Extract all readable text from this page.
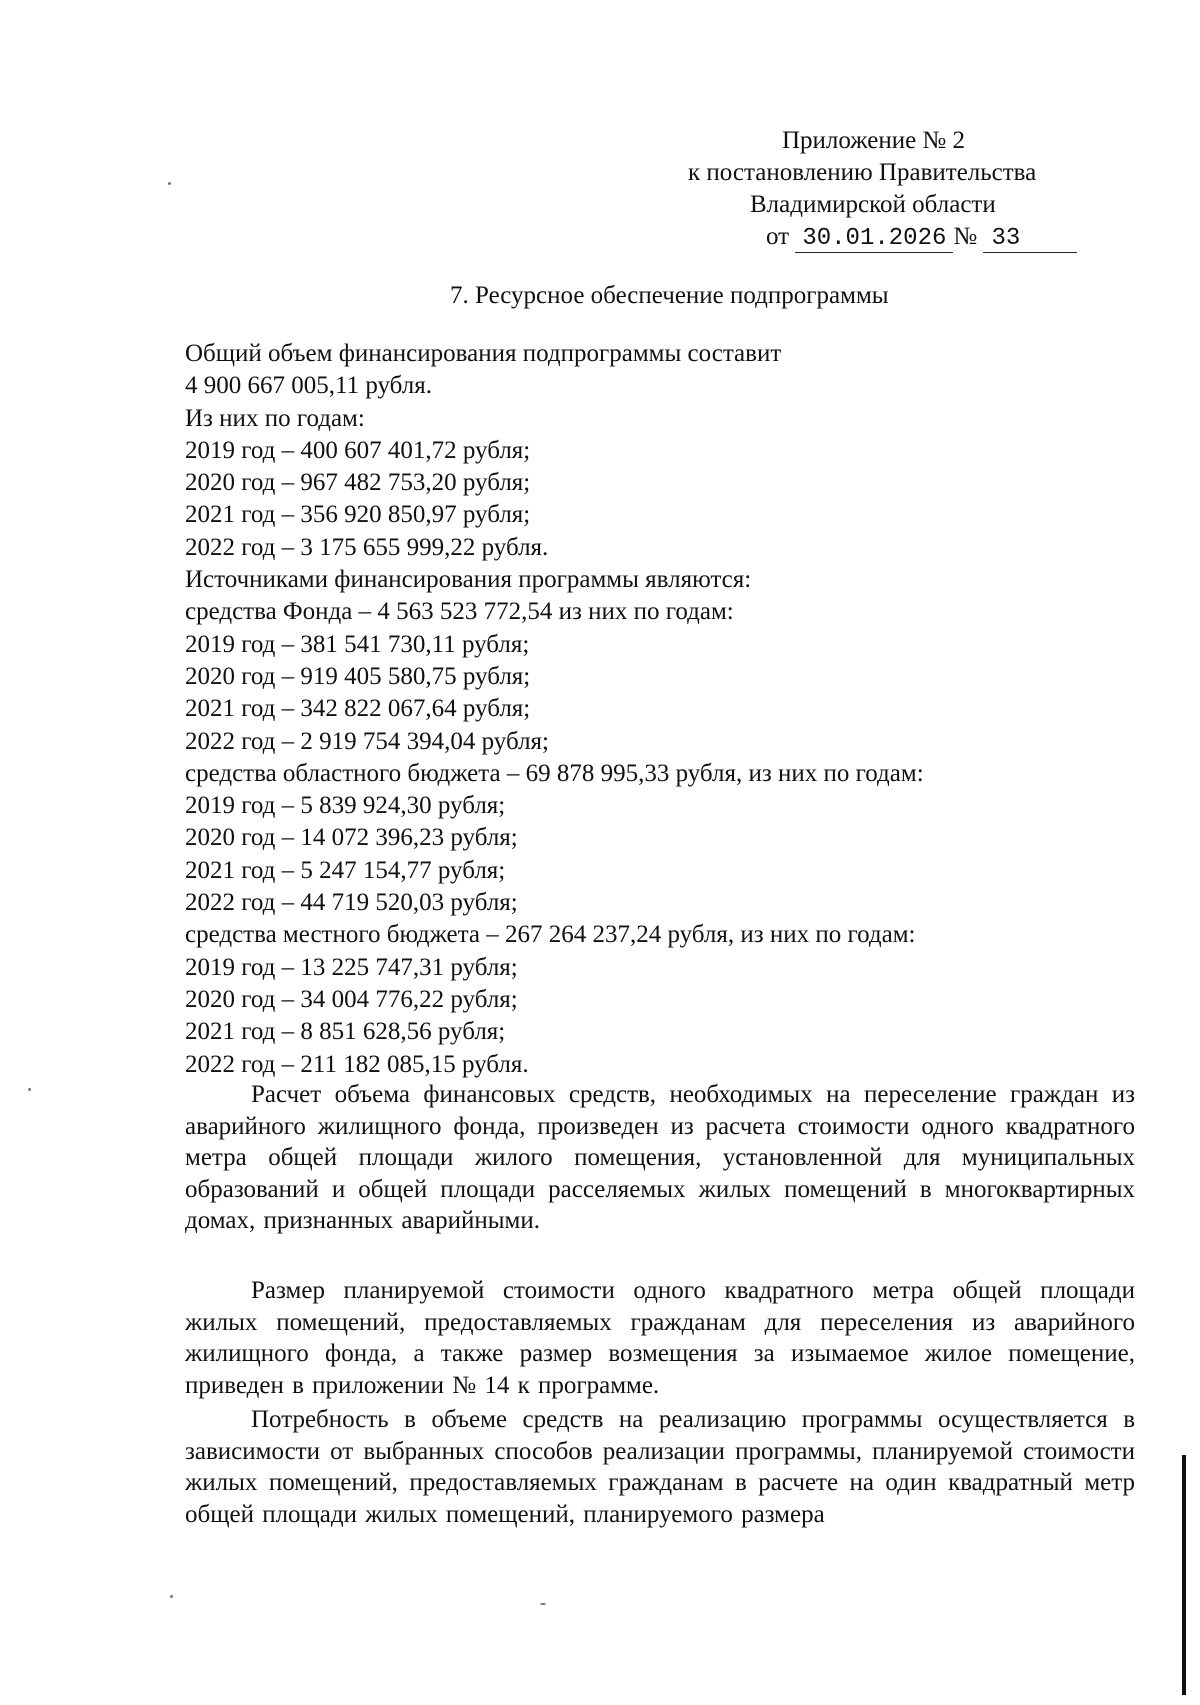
Приложение № 2
к постановлению Правительства
Владимирской области
от 30.01.2026 № 33
7. Ресурсное обеспечение подпрограммы
Общий объем финансирования подпрограммы составит
4 900 667 005,11 рубля.
Из них по годам:
2019 год – 400 607 401,72 рубля;
2020 год – 967 482 753,20 рубля;
2021 год – 356 920 850,97 рубля;
2022 год – 3 175 655 999,22 рубля.
Источниками финансирования программы являются:
средства Фонда – 4 563 523 772,54 из них по годам:
2019 год – 381 541 730,11 рубля;
2020 год – 919 405 580,75 рубля;
2021 год – 342 822 067,64 рубля;
2022 год – 2 919 754 394,04 рубля;
средства областного бюджета – 69 878 995,33 рубля, из них по годам:
2019 год – 5 839 924,30 рубля;
2020 год – 14 072 396,23 рубля;
2021 год – 5 247 154,77 рубля;
2022 год – 44 719 520,03 рубля;
средства местного бюджета – 267 264 237,24 рубля, из них по годам:
2019 год – 13 225 747,31 рубля;
2020 год – 34 004 776,22 рубля;
2021 год – 8 851 628,56 рубля;
2022 год – 211 182 085,15 рубля.
Расчет объема финансовых средств, необходимых на переселение граждан из аварийного жилищного фонда, произведен из расчета стоимости одного квадратного метра общей площади жилого помещения, установленной для муниципальных образований и общей площади расселяемых жилых помещений в многоквартирных домах, признанных аварийными.
Размер планируемой стоимости одного квадратного метра общей площади жилых помещений, предоставляемых гражданам для переселения из аварийного жилищного фонда, а также размер возмещения за изымаемое жилое помещение, приведен в приложении № 14 к программе.
Потребность в объеме средств на реализацию программы осуществляется в зависимости от выбранных способов реализации программы, планируемой стоимости жилых помещений, предоставляемых гражданам в расчете на один квадратный метр общей площади жилых помещений, планируемого размера
